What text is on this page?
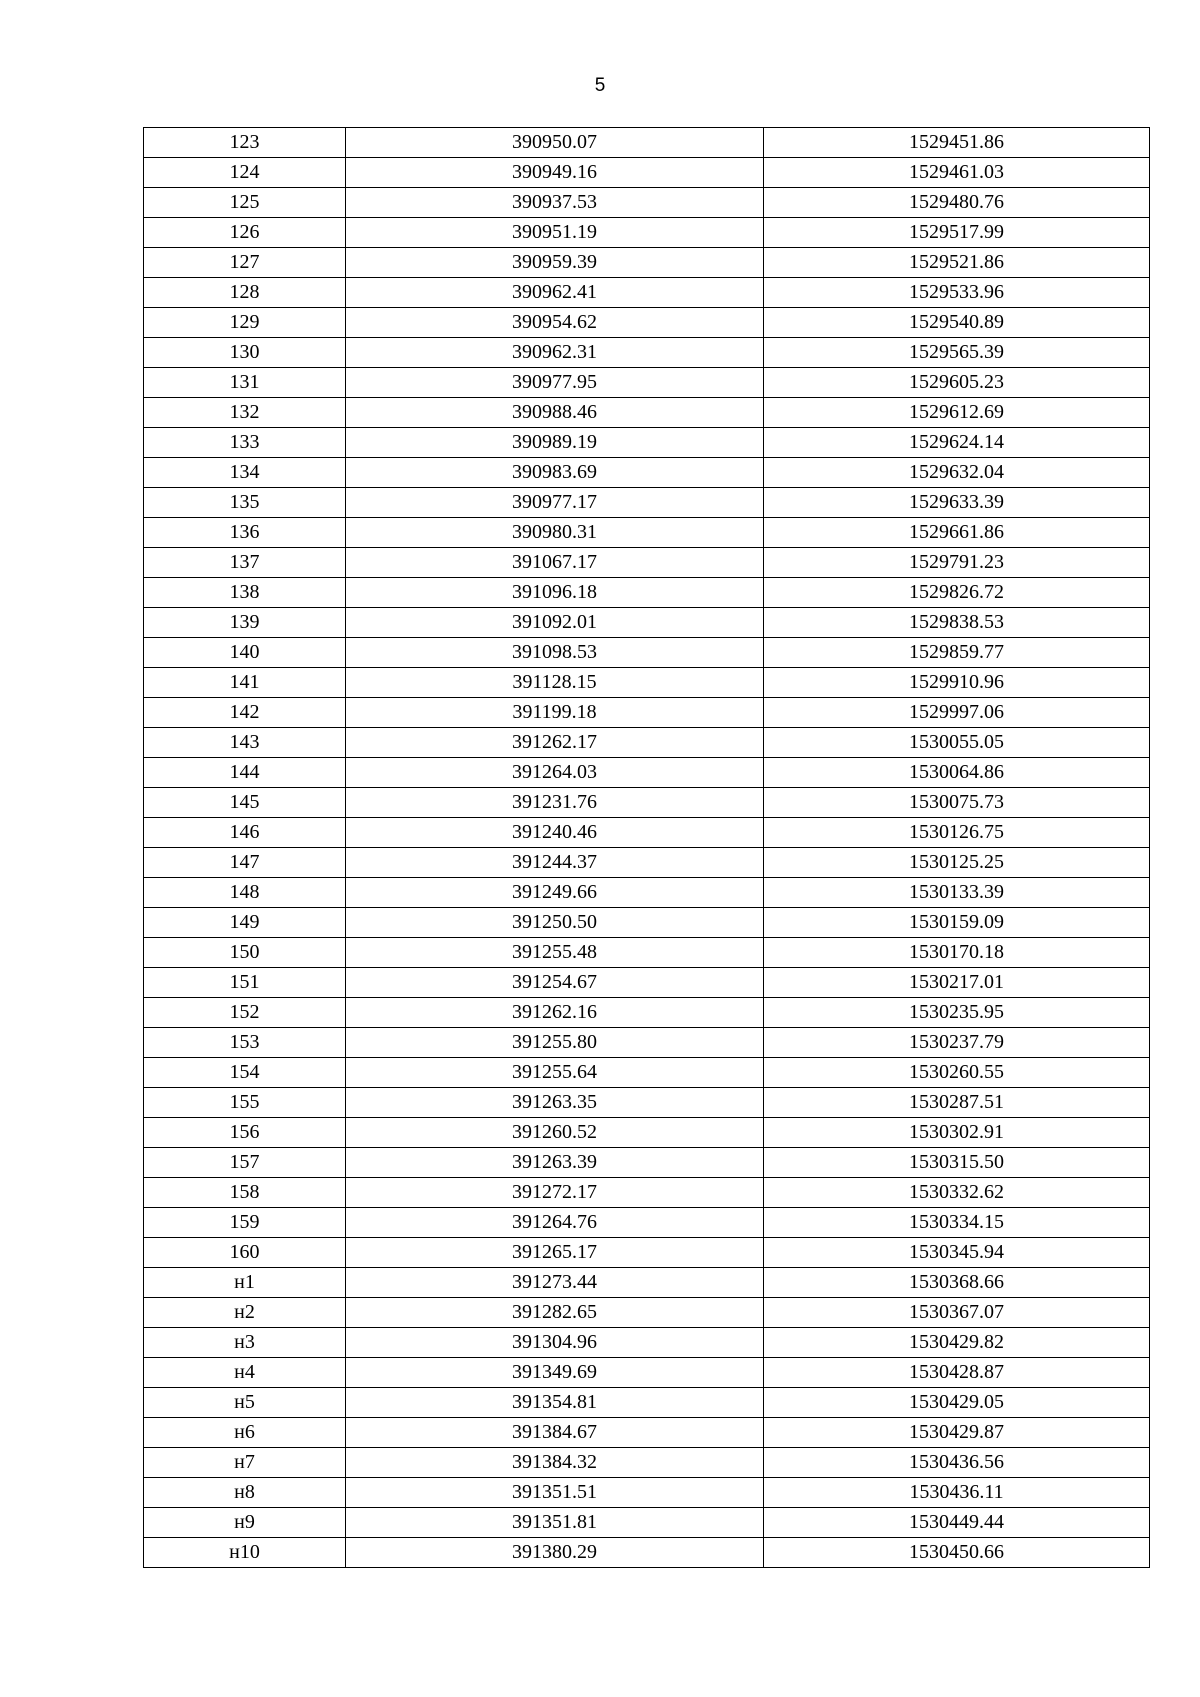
5
123	390950.07	1529451.86
124	390949.16	1529461.03
125	390937.53	1529480.76
126	390951.19	1529517.99
127	390959.39	1529521.86
128	390962.41	1529533.96
129	390954.62	1529540.89
130	390962.31	1529565.39
131	390977.95	1529605.23
132	390988.46	1529612.69
133	390989.19	1529624.14
134	390983.69	1529632.04
135	390977.17	1529633.39
136	390980.31	1529661.86
137	391067.17	1529791.23
138	391096.18	1529826.72
139	391092.01	1529838.53
140	391098.53	1529859.77
141	391128.15	1529910.96
142	391199.18	1529997.06
143	391262.17	1530055.05
144	391264.03	1530064.86
145	391231.76	1530075.73
146	391240.46	1530126.75
147	391244.37	1530125.25
148	391249.66	1530133.39
149	391250.50	1530159.09
150	391255.48	1530170.18
151	391254.67	1530217.01
152	391262.16	1530235.95
153	391255.80	1530237.79
154	391255.64	1530260.55
155	391263.35	1530287.51
156	391260.52	1530302.91
157	391263.39	1530315.50
158	391272.17	1530332.62
159	391264.76	1530334.15
160	391265.17	1530345.94
н1	391273.44	1530368.66
н2	391282.65	1530367.07
н3	391304.96	1530429.82
н4	391349.69	1530428.87
н5	391354.81	1530429.05
н6	391384.67	1530429.87
н7	391384.32	1530436.56
н8	391351.51	1530436.11
н9	391351.81	1530449.44
н10	391380.29	1530450.66
